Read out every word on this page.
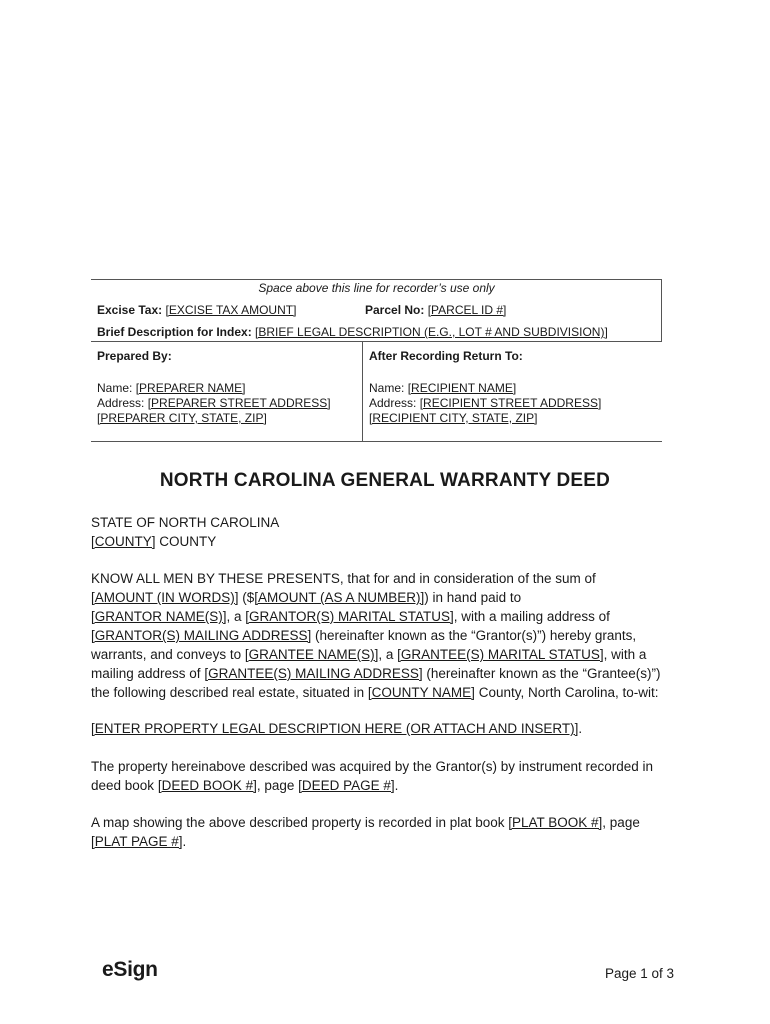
Space above this line for recorder’s use only
Excise Tax: [EXCISE TAX AMOUNT]	Parcel No: [PARCEL ID #]
Brief Description for Index: [BRIEF LEGAL DESCRIPTION (E.G., LOT # AND SUBDIVISION)]
Prepared By:
Name: [PREPARER NAME]
Address: [PREPARER STREET ADDRESS]
[PREPARER CITY, STATE, ZIP]
After Recording Return To:
Name: [RECIPIENT NAME]
Address: [RECIPIENT STREET ADDRESS]
[RECIPIENT CITY, STATE, ZIP]
NORTH CAROLINA GENERAL WARRANTY DEED
STATE OF NORTH CAROLINA
[COUNTY] COUNTY
KNOW ALL MEN BY THESE PRESENTS, that for and in consideration of the sum of
[AMOUNT (IN WORDS)] ($[AMOUNT (AS A NUMBER)]) in hand paid to
[GRANTOR NAME(S)], a [GRANTOR(S) MARITAL STATUS], with a mailing address of
[GRANTOR(S) MAILING ADDRESS] (hereinafter known as the “Grantor(s)”) hereby grants,
warrants, and conveys to [GRANTEE NAME(S)], a [GRANTEE(S) MARITAL STATUS], with a
mailing address of [GRANTEE(S) MAILING ADDRESS] (hereinafter known as the “Grantee(s)”)
the following described real estate, situated in [COUNTY NAME] County, North Carolina, to-wit:
[ENTER PROPERTY LEGAL DESCRIPTION HERE (OR ATTACH AND INSERT)].
The property hereinabove described was acquired by the Grantor(s) by instrument recorded in
deed book [DEED BOOK #], page [DEED PAGE #].
A map showing the above described property is recorded in plat book [PLAT BOOK #], page
[PLAT PAGE #].
eSign	Page 1 of 3
